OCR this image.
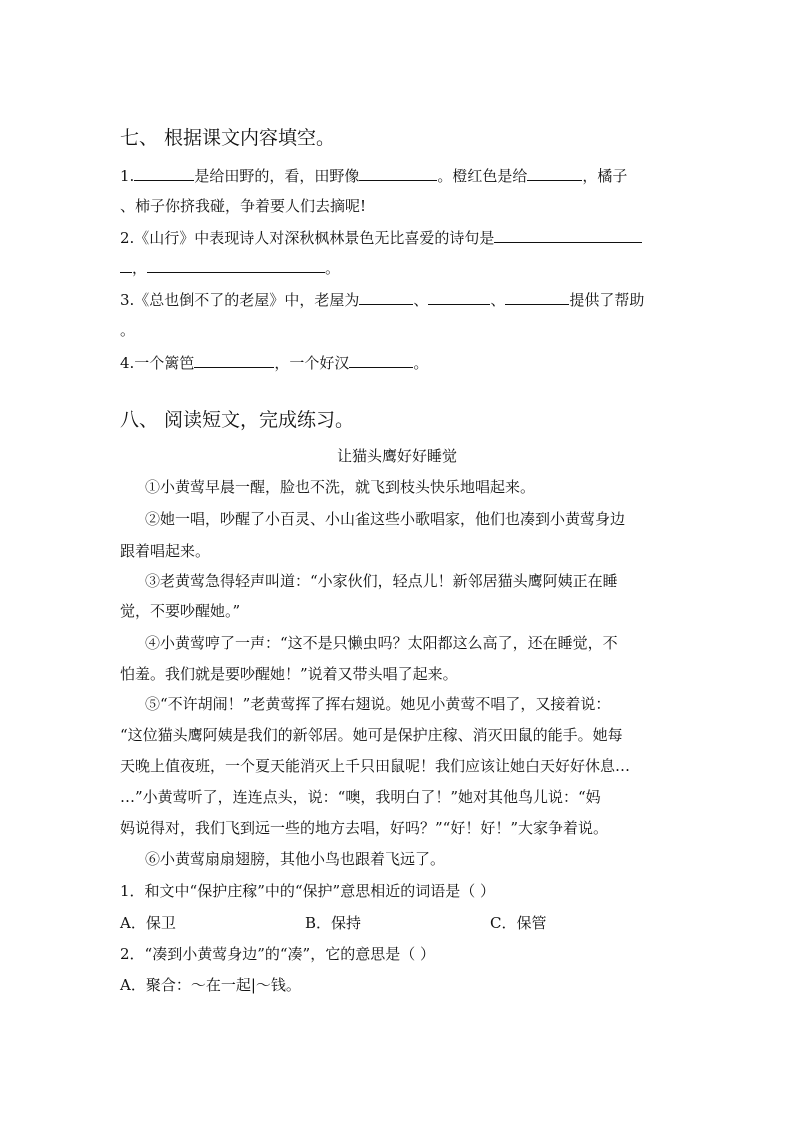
七、 根据课文内容填空。
1.	是给田野的，看，田野像	。橙红色是给	，橘子
、柿子你挤我碰，争着要人们去摘呢!
2.《山行》中表现诗人对深秋枫林景色无比喜爱的诗句是
，	。
3.《总也倒不了的老屋》中，老屋为	、	、	提供了帮助
。
4.一个篱笆	，一个好汉	。
八、 阅读短文，完成练习。
让猫头鹰好好睡觉
①小黄莺早晨一醒，脸也不洗，就飞到枝头快乐地唱起来。
②她一唱，吵醒了小百灵、小山雀这些小歌唱家，他们也凑到小黄莺身边
跟着唱起来。
③老黄莺急得轻声叫道：“小家伙们，轻点儿！新邻居猫头鹰阿姨正在睡
觉，不要吵醒她。”
④小黄莺哼了一声：“这不是只懒虫吗？太阳都这么高了，还在睡觉，不
怕羞。我们就是要吵醒她！”说着又带头唱了起来。
⑤“不许胡闹！”老黄莺挥了挥右翅说。她见小黄莺不唱了，又接着说：
“这位猫头鹰阿姨是我们的新邻居。她可是保护庄稼、消灭田鼠的能手。她每
天晚上值夜班，一个夏天能消灭上千只田鼠呢！我们应该让她白天好好休息…
…”小黄莺听了，连连点头，说：“噢，我明白了！”她对其他鸟儿说：“妈
妈说得对，我们飞到远一些的地方去唱，好吗？”“好！好！”大家争着说。
⑥小黄莺扇扇翅膀，其他小鸟也跟着飞远了。
1．和文中“保护庄稼”中的“保护”意思相近的词语是（ ）
A．保卫	B．保持	C．保管
2．“凑到小黄莺身边”的“凑”，它的意思是（ ）
A．聚合：～在一起|～钱。
